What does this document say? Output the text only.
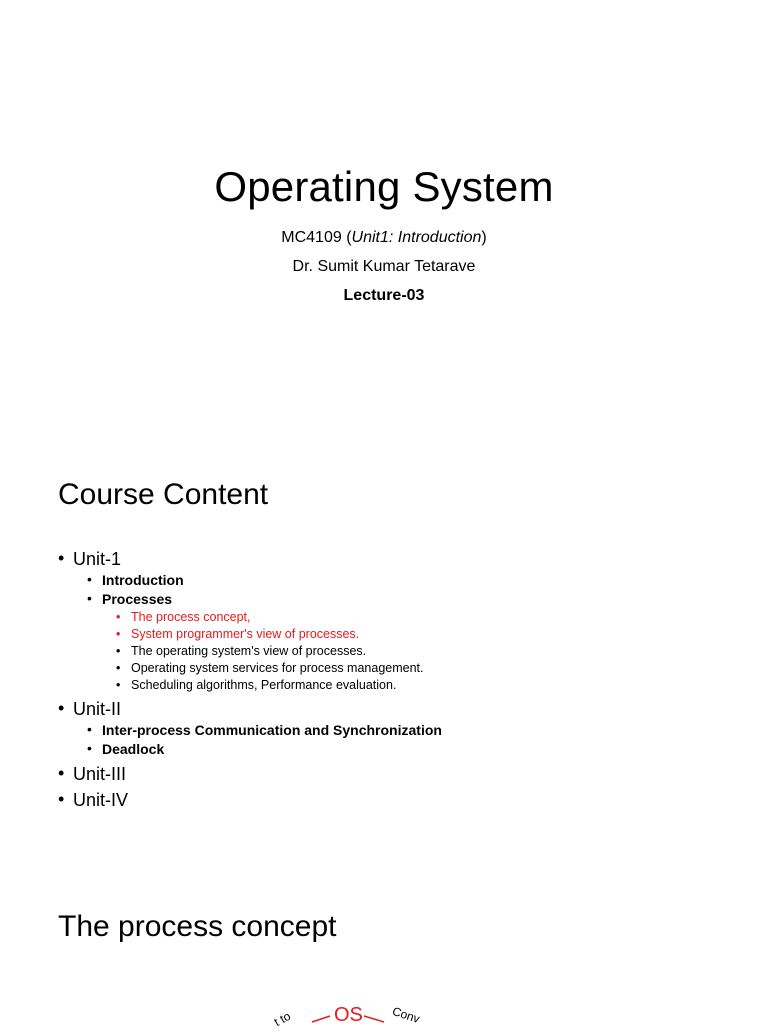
Operating System
MC4109 (Unit1: Introduction)
Dr. Sumit Kumar Tetarave
Lecture-03
Course Content
• Unit-1
• Introduction
• Processes
• The process concept,
• System programmer's view of processes.
• The operating system's view of processes.
• Operating system services for process management.
• Scheduling algorithms, Performance evaluation.
• Unit-II
• Inter-process Communication and Synchronization
• Deadlock
• Unit-III
• Unit-IV
The process concept
t to OS Conv
